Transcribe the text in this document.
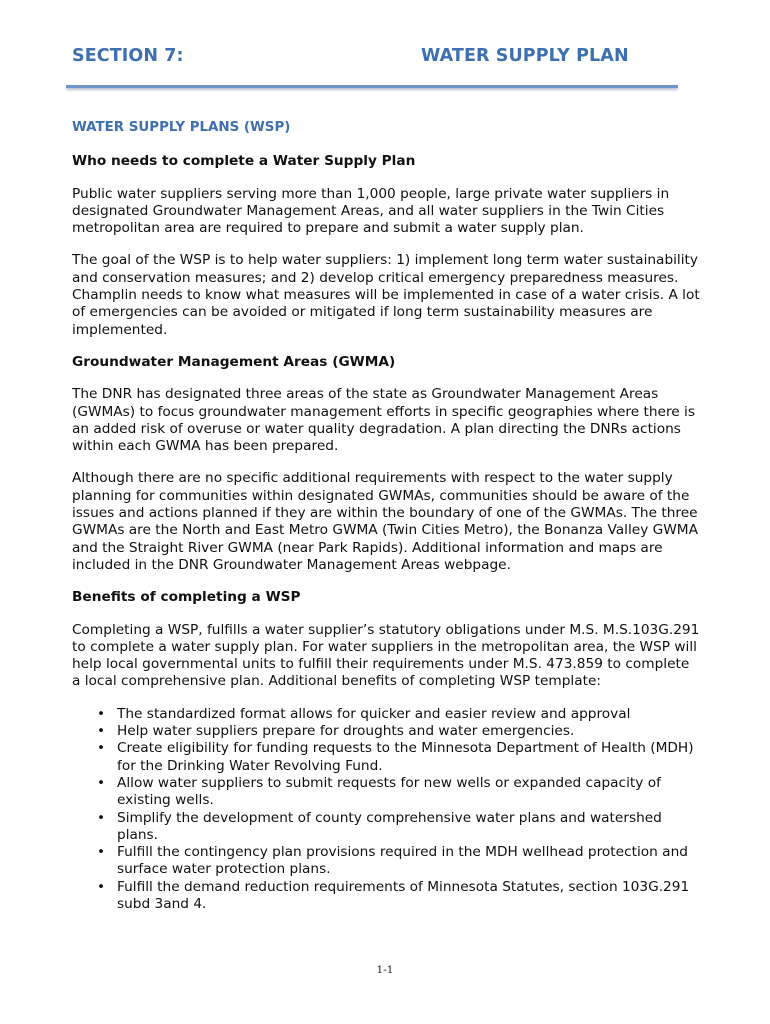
SECTION 7:	WATER SUPPLY PLAN
WATER SUPPLY PLANS (WSP)
Who needs to complete a Water Supply Plan

Public water suppliers serving more than 1,000 people, large private water suppliers in designated Groundwater Management Areas, and all water suppliers in the Twin Cities metropolitan area are required to prepare and submit a water supply plan.

The goal of the WSP is to help water suppliers: 1) implement long term water sustainability and conservation measures; and 2) develop critical emergency preparedness measures. Champlin needs to know what measures will be implemented in case of a water crisis. A lot of emergencies can be avoided or mitigated if long term sustainability measures are implemented.

Groundwater Management Areas (GWMA)

The DNR has designated three areas of the state as Groundwater Management Areas (GWMAs) to focus groundwater management efforts in specific geographies where there is an added risk of overuse or water quality degradation. A plan directing the DNRs actions within each GWMA has been prepared.

Although there are no specific additional requirements with respect to the water supply planning for communities within designated GWMAs, communities should be aware of the issues and actions planned if they are within the boundary of one of the GWMAs. The three GWMAs are the North and East Metro GWMA (Twin Cities Metro), the Bonanza Valley GWMA and the Straight River GWMA (near Park Rapids). Additional information and maps are included in the DNR Groundwater Management Areas webpage.

Benefits of completing a WSP

Completing a WSP, fulfills a water supplier’s statutory obligations under M.S. M.S.103G.291 to complete a water supply plan. For water suppliers in the metropolitan area, the WSP will help local governmental units to fulfill their requirements under M.S. 473.859 to complete a local comprehensive plan. Additional benefits of completing WSP template:

• The standardized format allows for quicker and easier review and approval
• Help water suppliers prepare for droughts and water emergencies.
• Create eligibility for funding requests to the Minnesota Department of Health (MDH) for the Drinking Water Revolving Fund.
• Allow water suppliers to submit requests for new wells or expanded capacity of existing wells.
• Simplify the development of county comprehensive water plans and watershed plans.
• Fulfill the contingency plan provisions required in the MDH wellhead protection and surface water protection plans.
• Fulfill the demand reduction requirements of Minnesota Statutes, section 103G.291 subd 3and 4.
1-1
